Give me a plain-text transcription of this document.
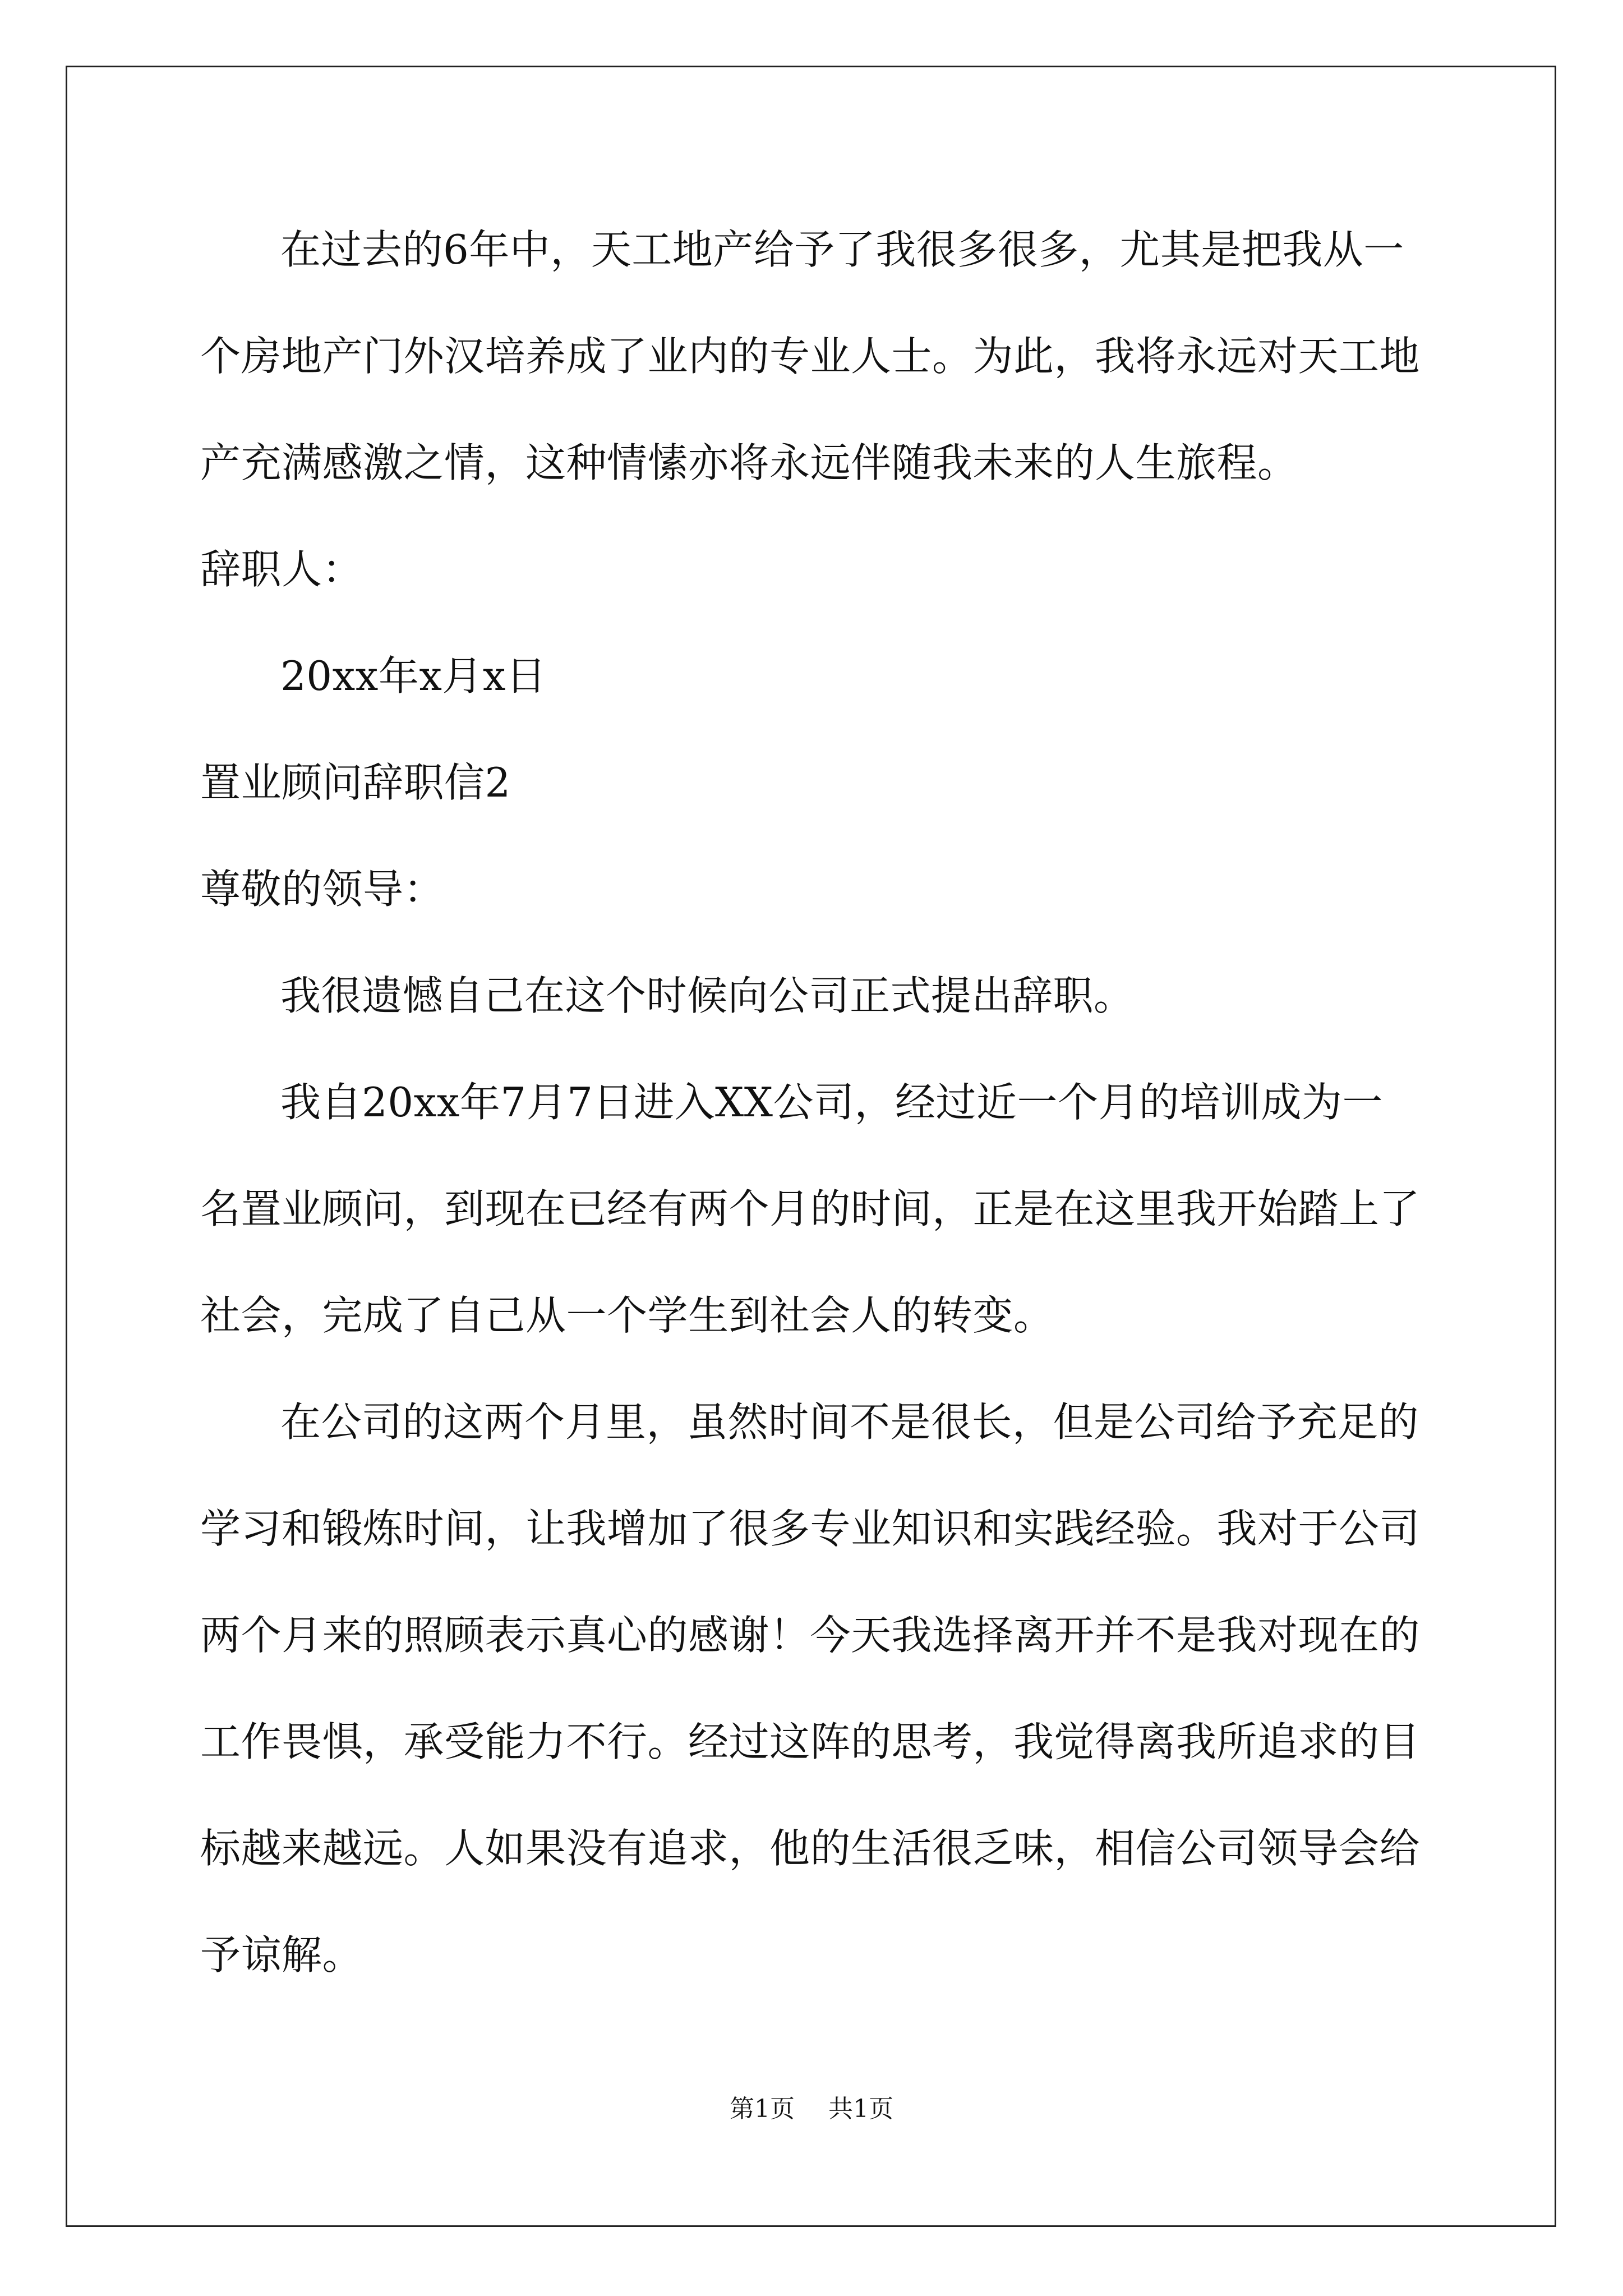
在过去的6年中，天工地产给予了我很多很多，尤其是把我从一
个房地产门外汉培养成了业内的专业人士。为此，我将永远对天工地
产充满感激之情，这种情愫亦将永远伴随我未来的人生旅程。
辞职人：
20xx年x月x日
置业顾问辞职信2
尊敬的领导：
我很遗憾自己在这个时候向公司正式提出辞职。
我自20xx年7月7日进入XX公司，经过近一个月的培训成为一
名置业顾问，到现在已经有两个月的时间，正是在这里我开始踏上了
社会，完成了自己从一个学生到社会人的转变。
在公司的这两个月里，虽然时间不是很长，但是公司给予充足的
学习和锻炼时间，让我增加了很多专业知识和实践经验。我对于公司
两个月来的照顾表示真心的感谢！今天我选择离开并不是我对现在的
工作畏惧，承受能力不行。经过这阵的思考，我觉得离我所追求的目
标越来越远。人如果没有追求，他的生活很乏味，相信公司领导会给
予谅解。
第1页 共1页
